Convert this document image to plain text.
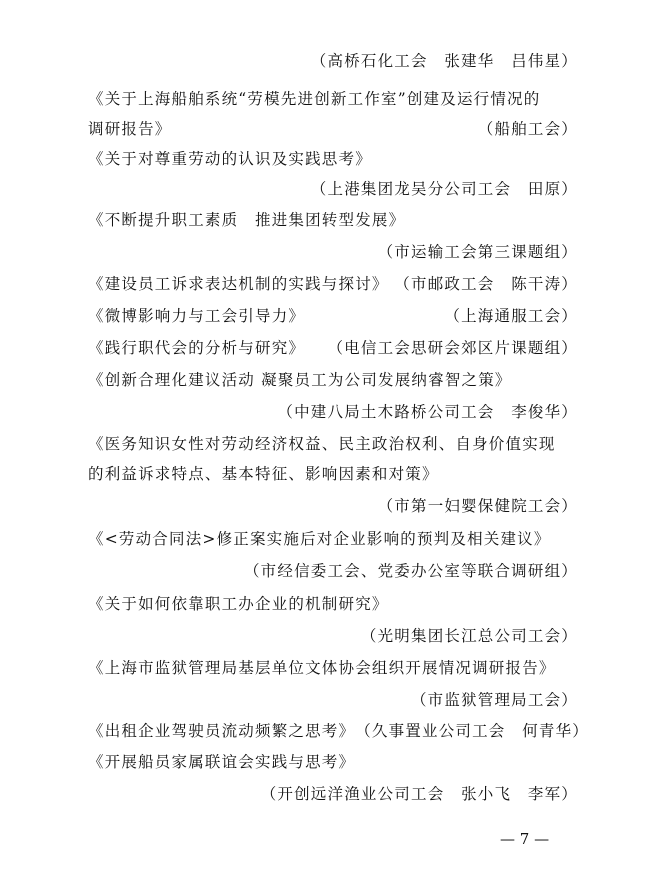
（高桥石化工会　张建华　吕伟星）
《关于上海船舶系统“劳模先进创新工作室”创建及运行情况的
调研报告》	（船舶工会）
《关于对尊重劳动的认识及实践思考》
（上港集团龙吴分公司工会　田原）
《不断提升职工素质　推进集团转型发展》
（市运输工会第三课题组）
《建设员工诉求表达机制的实践与探讨》 （市邮政工会　陈干涛）
《微博影响力与工会引导力》	（上海通服工会）
《践行职代会的分析与研究》 （电信工会思研会郊区片课题组）
《创新合理化建议活动 凝聚员工为公司发展纳睿智之策》
（中建八局土木路桥公司工会　李俊华）
《医务知识女性对劳动经济权益、民主政治权利、自身价值实现
的利益诉求特点、基本特征、影响因素和对策》
（市第一妇婴保健院工会）
《<劳动合同法>修正案实施后对企业影响的预判及相关建议》
（市经信委工会、党委办公室等联合调研组）
《关于如何依靠职工办企业的机制研究》
（光明集团长江总公司工会）
《上海市监狱管理局基层单位文体协会组织开展情况调研报告》
（市监狱管理局工会）
《出租企业驾驶员流动频繁之思考》 （久事置业公司工会　何青华）
《开展船员家属联谊会实践与思考》
（开创远洋渔业公司工会　张小飞　李军）
— 7 —
